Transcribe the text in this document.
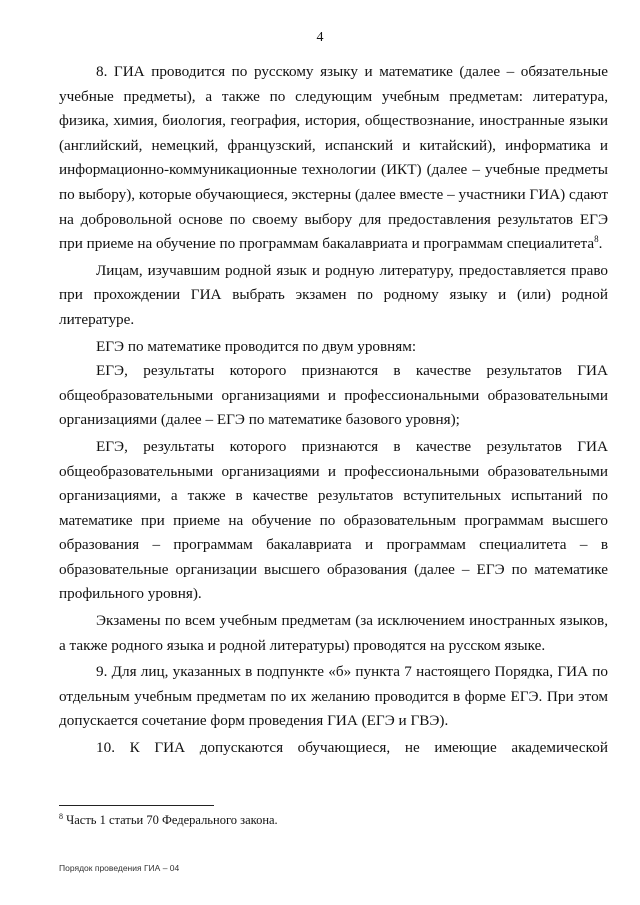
4

8. ГИА проводится по русскому языку и математике (далее – обязательные учебные предметы), а также по следующим учебным предметам: литература, физика, химия, биология, география, история, обществознание, иностранные языки (английский, немецкий, французский, испанский и китайский), информатика и информационно-коммуникационные технологии (ИКТ) (далее – учебные предметы по выбору), которые обучающиеся, экстерны (далее вместе – участники ГИА) сдают на добровольной основе по своему выбору для предоставления результатов ЕГЭ при приеме на обучение по программам бакалавриата и программам специалитета$^8$.

Лицам, изучавшим родной язык и родную литературу, предоставляется право при прохождении ГИА выбрать экзамен по родному языку и (или) родной литературе.

ЕГЭ по математике проводится по двум уровням:

ЕГЭ, результаты которого признаются в качестве результатов ГИА общеобразовательными организациями и профессиональными образовательными организациями (далее – ЕГЭ по математике базового уровня);

ЕГЭ, результаты которого признаются в качестве результатов ГИА общеобразовательными организациями и профессиональными образовательными организациями, а также в качестве результатов вступительных испытаний по математике при приеме на обучение по образовательным программам высшего образования – программам бакалавриата и программам специалитета – в образовательные организации высшего образования (далее – ЕГЭ по математике профильного уровня).

Экзамены по всем учебным предметам (за исключением иностранных языков, а также родного языка и родной литературы) проводятся на русском языке.

9. Для лиц, указанных в подпункте «б» пункта 7 настоящего Порядка, ГИА по отдельным учебным предметам по их желанию проводится в форме ЕГЭ. При этом допускается сочетание форм проведения ГИА (ЕГЭ и ГВЭ).

10. К ГИА допускаются обучающиеся, не имеющие академической

$^8$ Часть 1 статьи 70 Федерального закона.
Порядок проведения ГИА – 04
